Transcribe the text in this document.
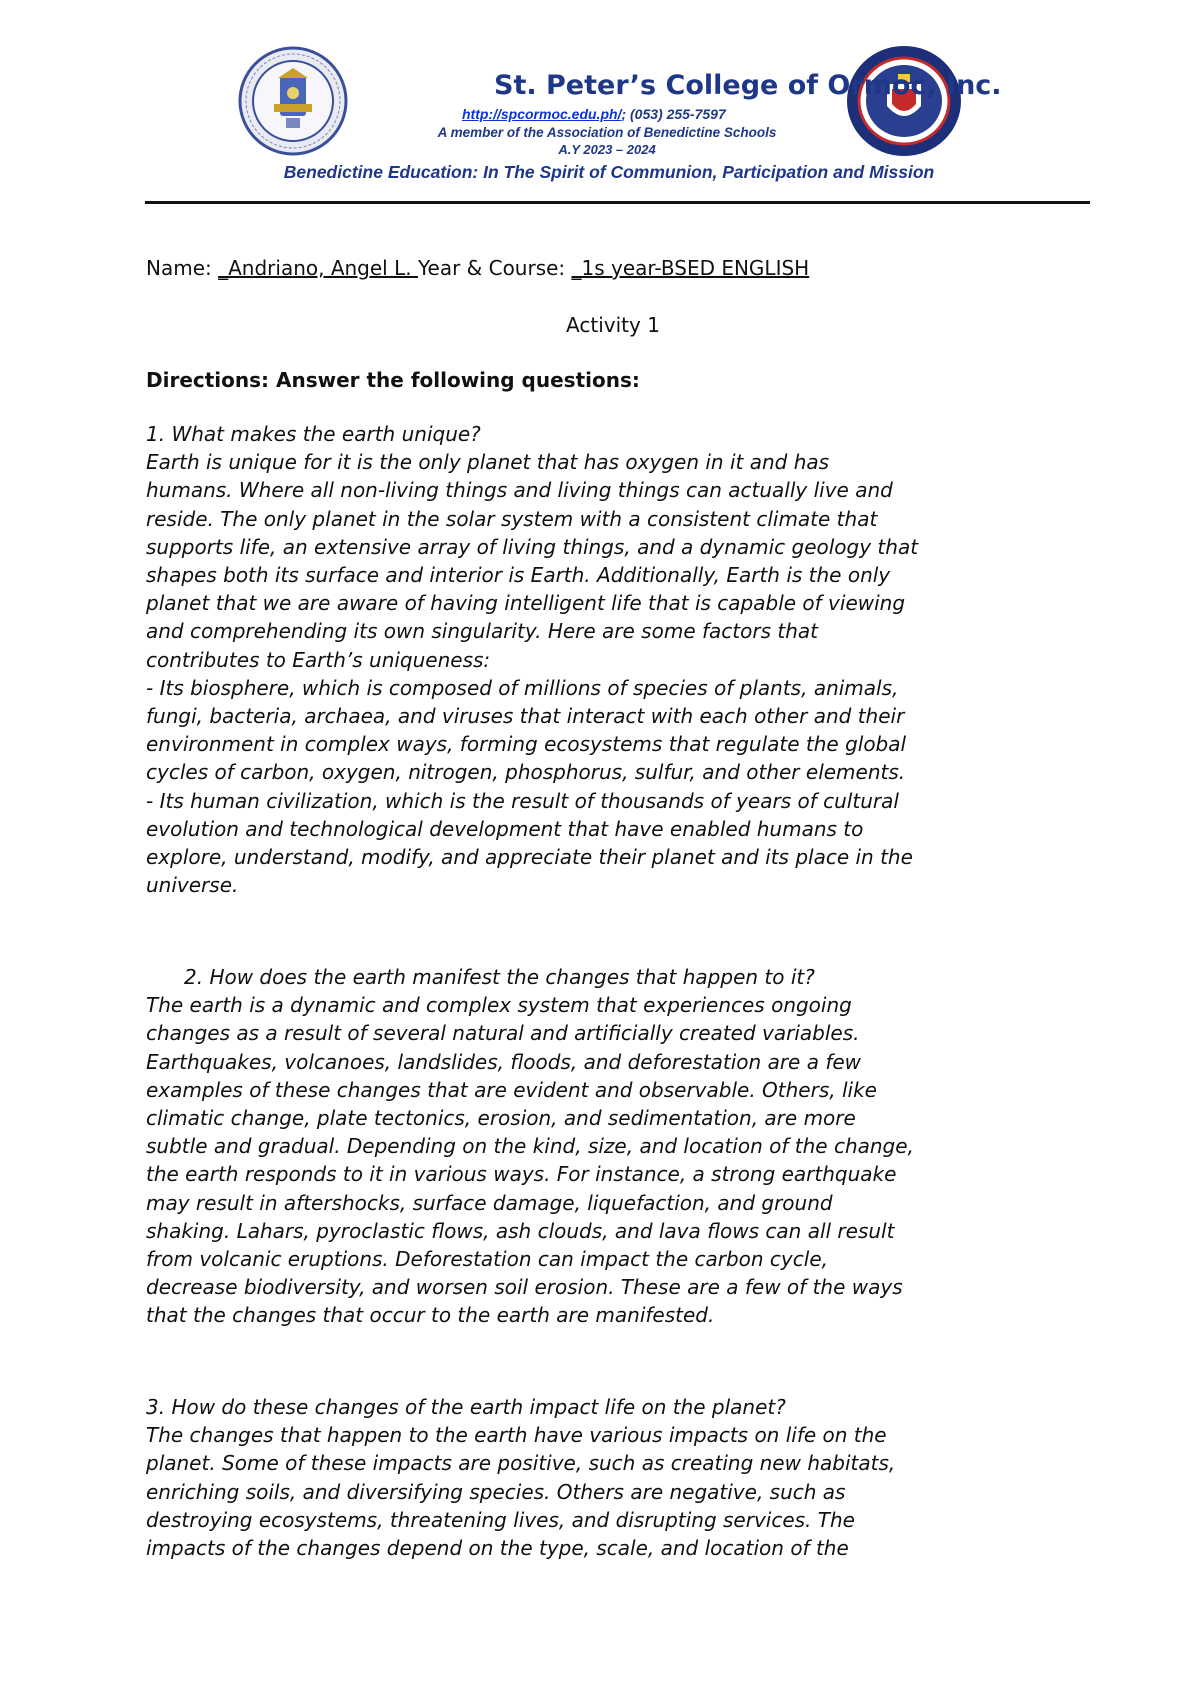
St. Peter’s College of Ormoc, Inc.
http://spcormoc.edu.ph/; (053) 255-7597
A member of the Association of Benedictine Schools
A.Y 2023 – 2024
Benedictine Education: In The Spirit of Communion, Participation and Mission
Name: _Andriano, Angel L. Year & Course: _1s year-BSED ENGLISH
Activity 1
Directions: Answer the following questions:

1. What makes the earth unique?

Earth is unique for it is the only planet that has oxygen in it and has

humans. Where all non-living things and living things can actually live and

reside. The only planet in the solar system with a consistent climate that

supports life, an extensive array of living things, and a dynamic geology that

shapes both its surface and interior is Earth. Additionally, Earth is the only

planet that we are aware of having intelligent life that is capable of viewing

and comprehending its own singularity. Here are some factors that

contributes to Earth’s uniqueness:

- Its biosphere, which is composed of millions of species of plants, animals,

fungi, bacteria, archaea, and viruses that interact with each other and their

environment in complex ways, forming ecosystems that regulate the global

cycles of carbon, oxygen, nitrogen, phosphorus, sulfur, and other elements.

- Its human civilization, which is the result of thousands of years of cultural

evolution and technological development that have enabled humans to

explore, understand, modify, and appreciate their planet and its place in the

universe.

2. How does the earth manifest the changes that happen to it?

The earth is a dynamic and complex system that experiences ongoing

changes as a result of several natural and artificially created variables.

Earthquakes, volcanoes, landslides, floods, and deforestation are a few

examples of these changes that are evident and observable. Others, like

climatic change, plate tectonics, erosion, and sedimentation, are more

subtle and gradual. Depending on the kind, size, and location of the change,

the earth responds to it in various ways. For instance, a strong earthquake

may result in aftershocks, surface damage, liquefaction, and ground

shaking. Lahars, pyroclastic flows, ash clouds, and lava flows can all result

from volcanic eruptions. Deforestation can impact the carbon cycle,

decrease biodiversity, and worsen soil erosion. These are a few of the ways

that the changes that occur to the earth are manifested.

3. How do these changes of the earth impact life on the planet?

The changes that happen to the earth have various impacts on life on the

planet. Some of these impacts are positive, such as creating new habitats,

enriching soils, and diversifying species. Others are negative, such as

destroying ecosystems, threatening lives, and disrupting services. The

impacts of the changes depend on the type, scale, and location of the
